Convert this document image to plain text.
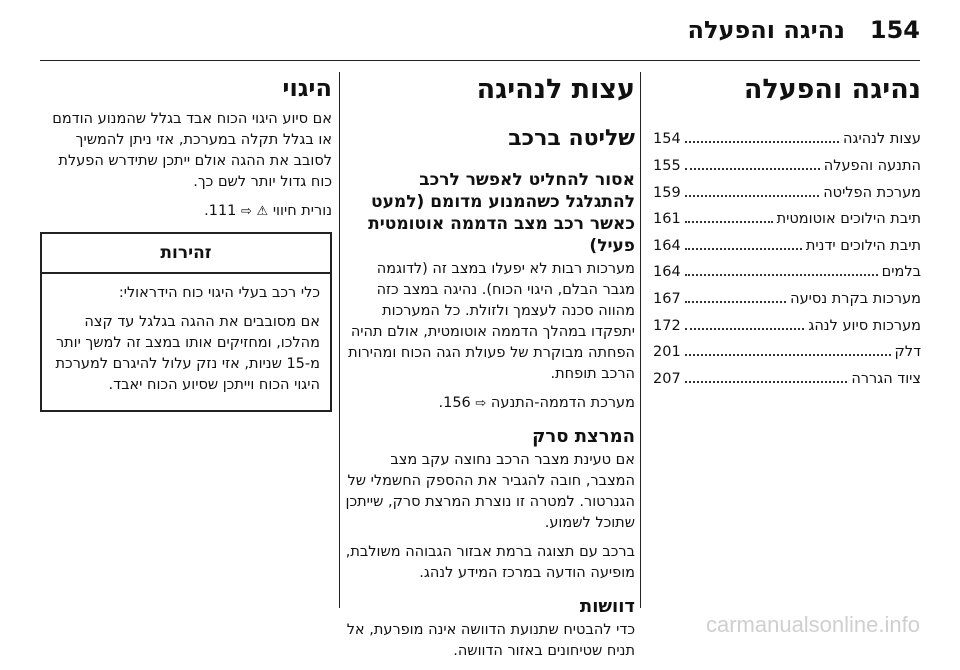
154
נהיגה והפעלה
נהיגה והפעלה
עצות לנהיגה
154
התנעה והפעלה
155
מערכת הפליטה
159
תיבת הילוכים אוטומטית
161
תיבת הילוכים ידנית
164
בלמים
164
מערכות בקרת נסיעה
167
מערכות סיוע לנהג
172
דלק
201
ציוד הגררה
207
עצות לנהיגה
שליטה ברכב
אסור להחליט לאפשר לרכב להתגלגל כשהמנוע מדומם (למעט כאשר רכב מצב הדממה אוטומטית פעיל)

מערכות רבות לא יפעלו במצב זה (לדוגמה מגבר הבלם, היגוי הכוח). נהיגה במצב כזה מהווה סכנה לעצמך ולזולת. כל המערכות יתפקדו במהלך הדממה אוטומטית, אולם תהיה הפחתה מבוקרת של פעולת הגה הכוח ומהירות הרכב תופחת.

מערכת הדממה-התנעה ⇨ 156.

המרצת סרק

אם טעינת מצבר הרכב נחוצה עקב מצב המצבר, חובה להגביר את ההספק החשמלי של הגנרטור. למטרה זו נוצרת המרצת סרק, שייתכן שתוכל לשמוע.

ברכב עם תצוגה ברמת אבזור הגבוהה משולבת, מופיעה הודעה במרכז המידע לנהג.

דוושות

כדי להבטיח שתנועת הדוושה אינה מופרעת, אל תניח שטיחונים באזור הדוושה.

היגוי

אם סיוע היגוי הכוח אבד בגלל שהמנוע הודמם או בגלל תקלה במערכת, אזי ניתן להמשיך לסובב את ההגה אולם ייתכן שתידרש הפעלת כוח גדול יותר לשם כך.

נורית חיווי ⚠ ⇨ 111.

זהירות

כלי רכב בעלי היגוי כוח הידראולי:

אם מסובבים את ההגה בגלגל עד קצה מהלכו, ומחזיקים אותו במצב זה למשך יותר מ-15 שניות, אזי נזק עלול להיגרם למערכת היגוי הכוח וייתכן שסיוע הכוח יאבד.

carmanualsonline.info
